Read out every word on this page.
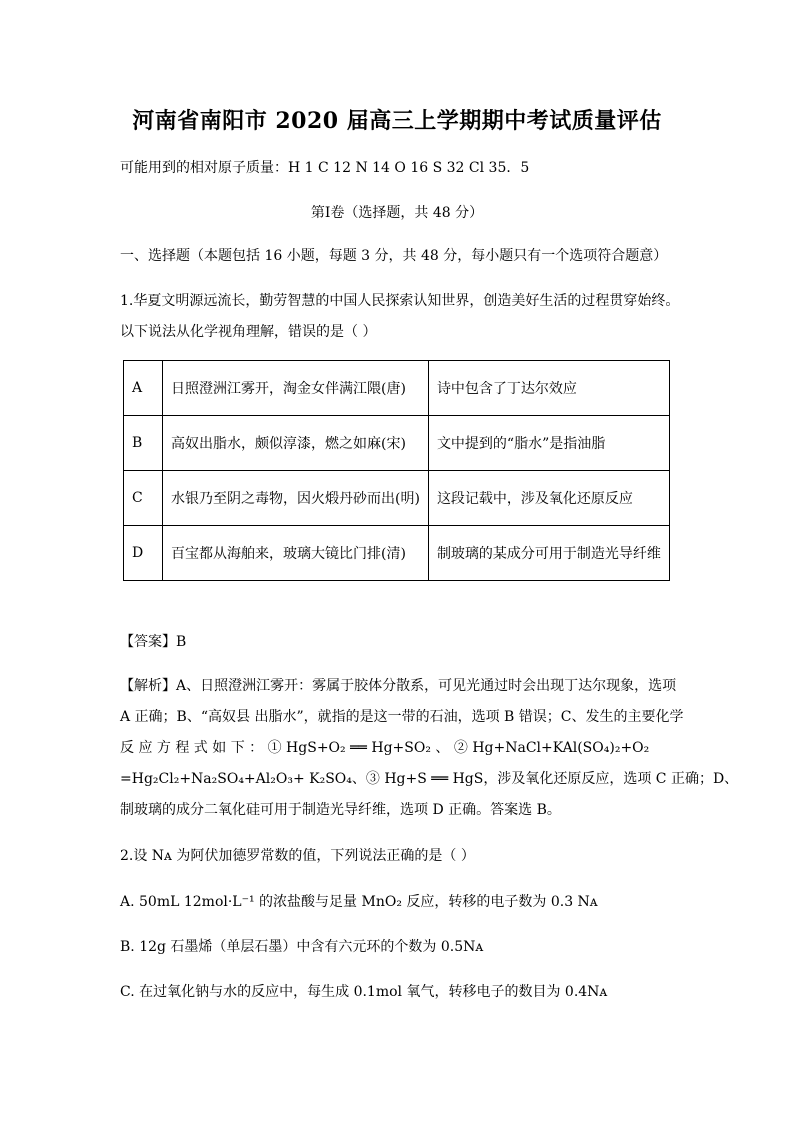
河南省南阳市 2020 届高三上学期期中考试质量评估
可能用到的相对原子质量：H 1 C 12 N 14 O 16 S 32 Cl 35．5
第Ⅰ卷（选择题，共 48 分）
一、选择题（本题包括 16 小题，每题 3 分，共 48 分，每小题只有一个选项符合题意）
1.华夏文明源远流长，勤劳智慧的中国人民探索认知世界，创造美好生活的过程贯穿始终。
以下说法从化学视角理解，错误的是（ ）
A	日照澄洲江雾开，淘金女伴满江隈(唐)	诗中包含了丁达尔效应
B	高奴出脂水，颇似淳漆，燃之如麻(宋)	文中提到的“脂水”是指油脂
C	水银乃至阴之毒物，因火煅丹砂而出(明)	这段记载中，涉及氧化还原反应
D	百宝都从海舶来，玻璃大镜比门排(清)	制玻璃的某成分可用于制造光导纤维
【答案】B
【解析】A、日照澄洲江雾开：雾属于胶体分散系，可见光通过时会出现丁达尔现象，选项
A 正确；B、“高奴县 出脂水”，就指的是这一带的石油，选项 B 错误；C、发生的主要化学
反 应 方 程 式 如 下 ： ① HgS+O₂ ══ Hg+SO₂ 、 ② Hg+NaCl+KAl(SO₄)₂+O₂
=Hg₂Cl₂+Na₂SO₄+Al₂O₃+ K₂SO₄、③ Hg+S ══ HgS，涉及氧化还原反应，选项 C 正确；D、
制玻璃的成分二氧化硅可用于制造光导纤维，选项 D 正确。答案选 B。
2.设 Nᴀ 为阿伏加德罗常数的值，下列说法正确的是（ ）
A. 50mL 12mol·L⁻¹ 的浓盐酸与足量 MnO₂ 反应，转移的电子数为 0.3 Nᴀ
B. 12g 石墨烯（单层石墨）中含有六元环的个数为 0.5Nᴀ
C. 在过氧化钠与水的反应中，每生成 0.1mol 氧气，转移电子的数目为 0.4Nᴀ
